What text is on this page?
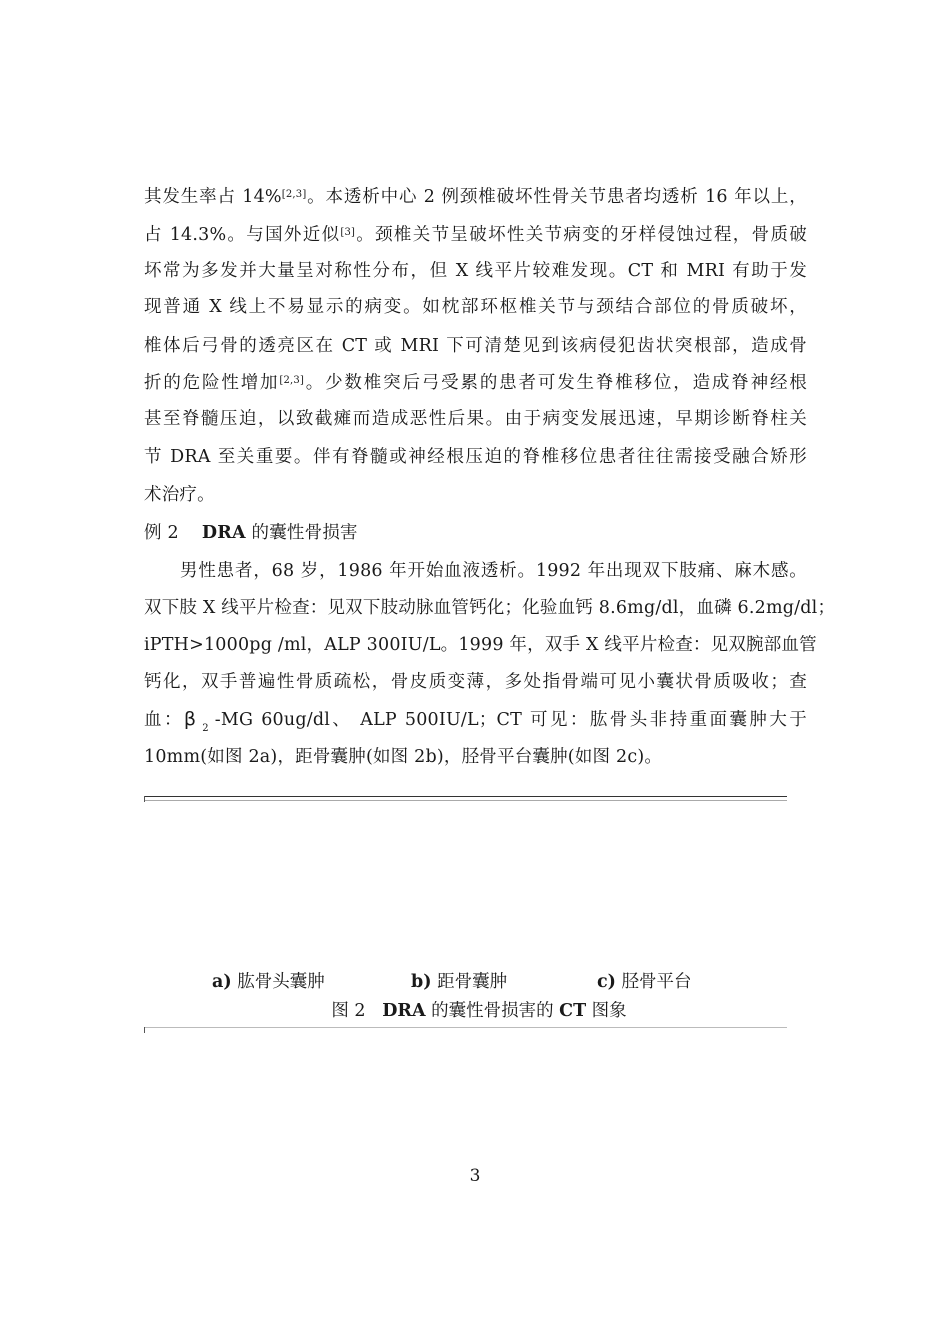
其发生率占 14%[2,3]。本透析中心 2 例颈椎破坏性骨关节患者均透析 16 年以上，
占 14.3%。与国外近似[3]。颈椎关节呈破坏性关节病变的牙样侵蚀过程，骨质破
坏常为多发并大量呈对称性分布，但 X 线平片较难发现。CT 和 MRI 有助于发
现普通 X 线上不易显示的病变。如枕部环枢椎关节与颈结合部位的骨质破坏，
椎体后弓骨的透亮区在 CT 或 MRI 下可清楚见到该病侵犯齿状突根部，造成骨
折的危险性增加[2,3]。少数椎突后弓受累的患者可发生脊椎移位，造成脊神经根
甚至脊髓压迫，以致截瘫而造成恶性后果。由于病变发展迅速，早期诊断脊柱关
节 DRA 至关重要。伴有脊髓或神经根压迫的脊椎移位患者往往需接受融合矫形
术治疗。
例 2 DRA 的囊性骨损害
男性患者，68 岁，1986 年开始血液透析。1992 年出现双下肢痛、麻木感。
双下肢 X 线平片检查：见双下肢动脉血管钙化；化验血钙 8.6mg/dl，血磷 6.2mg/dl；
iPTH>1000pg /ml，ALP 300IU/L。1999 年，双手 X 线平片检查：见双腕部血管
钙化，双手普遍性骨质疏松，骨皮质变薄，多处指骨端可见小囊状骨质吸收；查
血：β $_2$ -MG 60ug/dl、 ALP 500IU/L；CT 可见：肱骨头非持重面囊肿大于
10mm(如图 2a)，距骨囊肿(如图 2b)，胫骨平台囊肿(如图 2c)。
a) 肱骨头囊肿	b) 距骨囊肿	c) 胫骨平台
图 2 DRA 的囊性骨损害的 CT 图象
3
